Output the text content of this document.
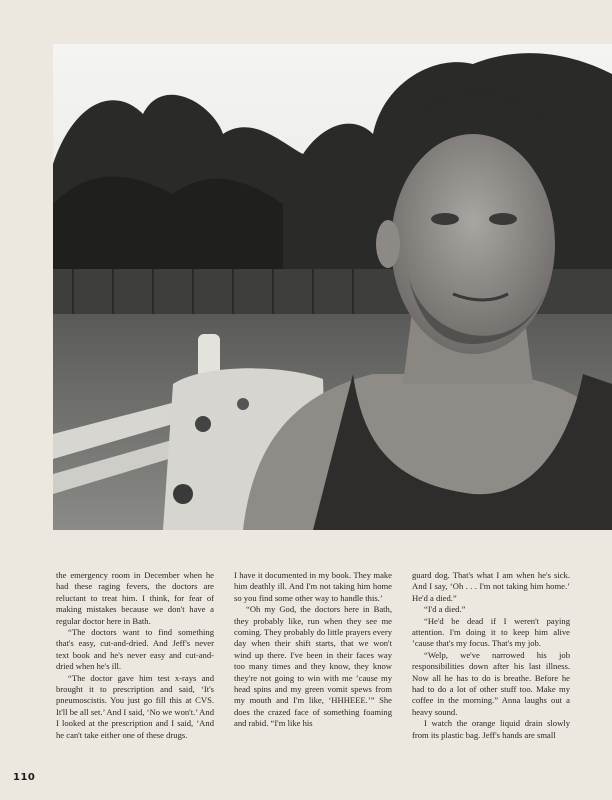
the emergency room in December when he had these raging fevers, the doctors are reluctant to treat him. I think, for fear of making mistakes because we don't have a regular doctor here in Bath.

“The doctors want to find something that's easy, cut-and-dried. And Jeff's never text book and he's never easy and cut-and-dried when he's ill.

“The doctor gave him test x-rays and brought it to prescription and said, ‘It's pneumoscistis. You just go fill this at CVS. It'll be all set.’ And I said, ‘No we won't.’ And I looked at the prescription and I said, ‘And he can't take either one of these drugs.

I have it documented in my book. They make him deathly ill. And I'm not taking him home so you find some other way to handle this.’

“Oh my God, the doctors here in Bath, they probably like, run when they see me coming. They probably do little prayers every day when their shift starts, that we won't wind up there. I've been in their faces way too many times and they know, they know they're not going to win with me ’cause my head spins and my green vomit spews from my mouth and I'm like, ‘HHHEEE.’” She does the crazed face of something foaming and rabid. “I'm like his

guard dog. That's what I am when he's sick. And I say, ‘Oh . . . I'm not taking him home.’ He'd a died.”

“I'd a died.”

“He'd be dead if I weren't paying attention. I'm doing it to keep him alive ’cause that's my focus. That's my job.

“Welp, we've narrowed his job responsibilities down after his last illness. Now all he has to do is breathe. Before he had to do a lot of other stuff too. Make my coffee in the morning.” Anna laughs out a heavy sound.

I watch the orange liquid drain slowly from its plastic bag. Jeff's hands are small

110
